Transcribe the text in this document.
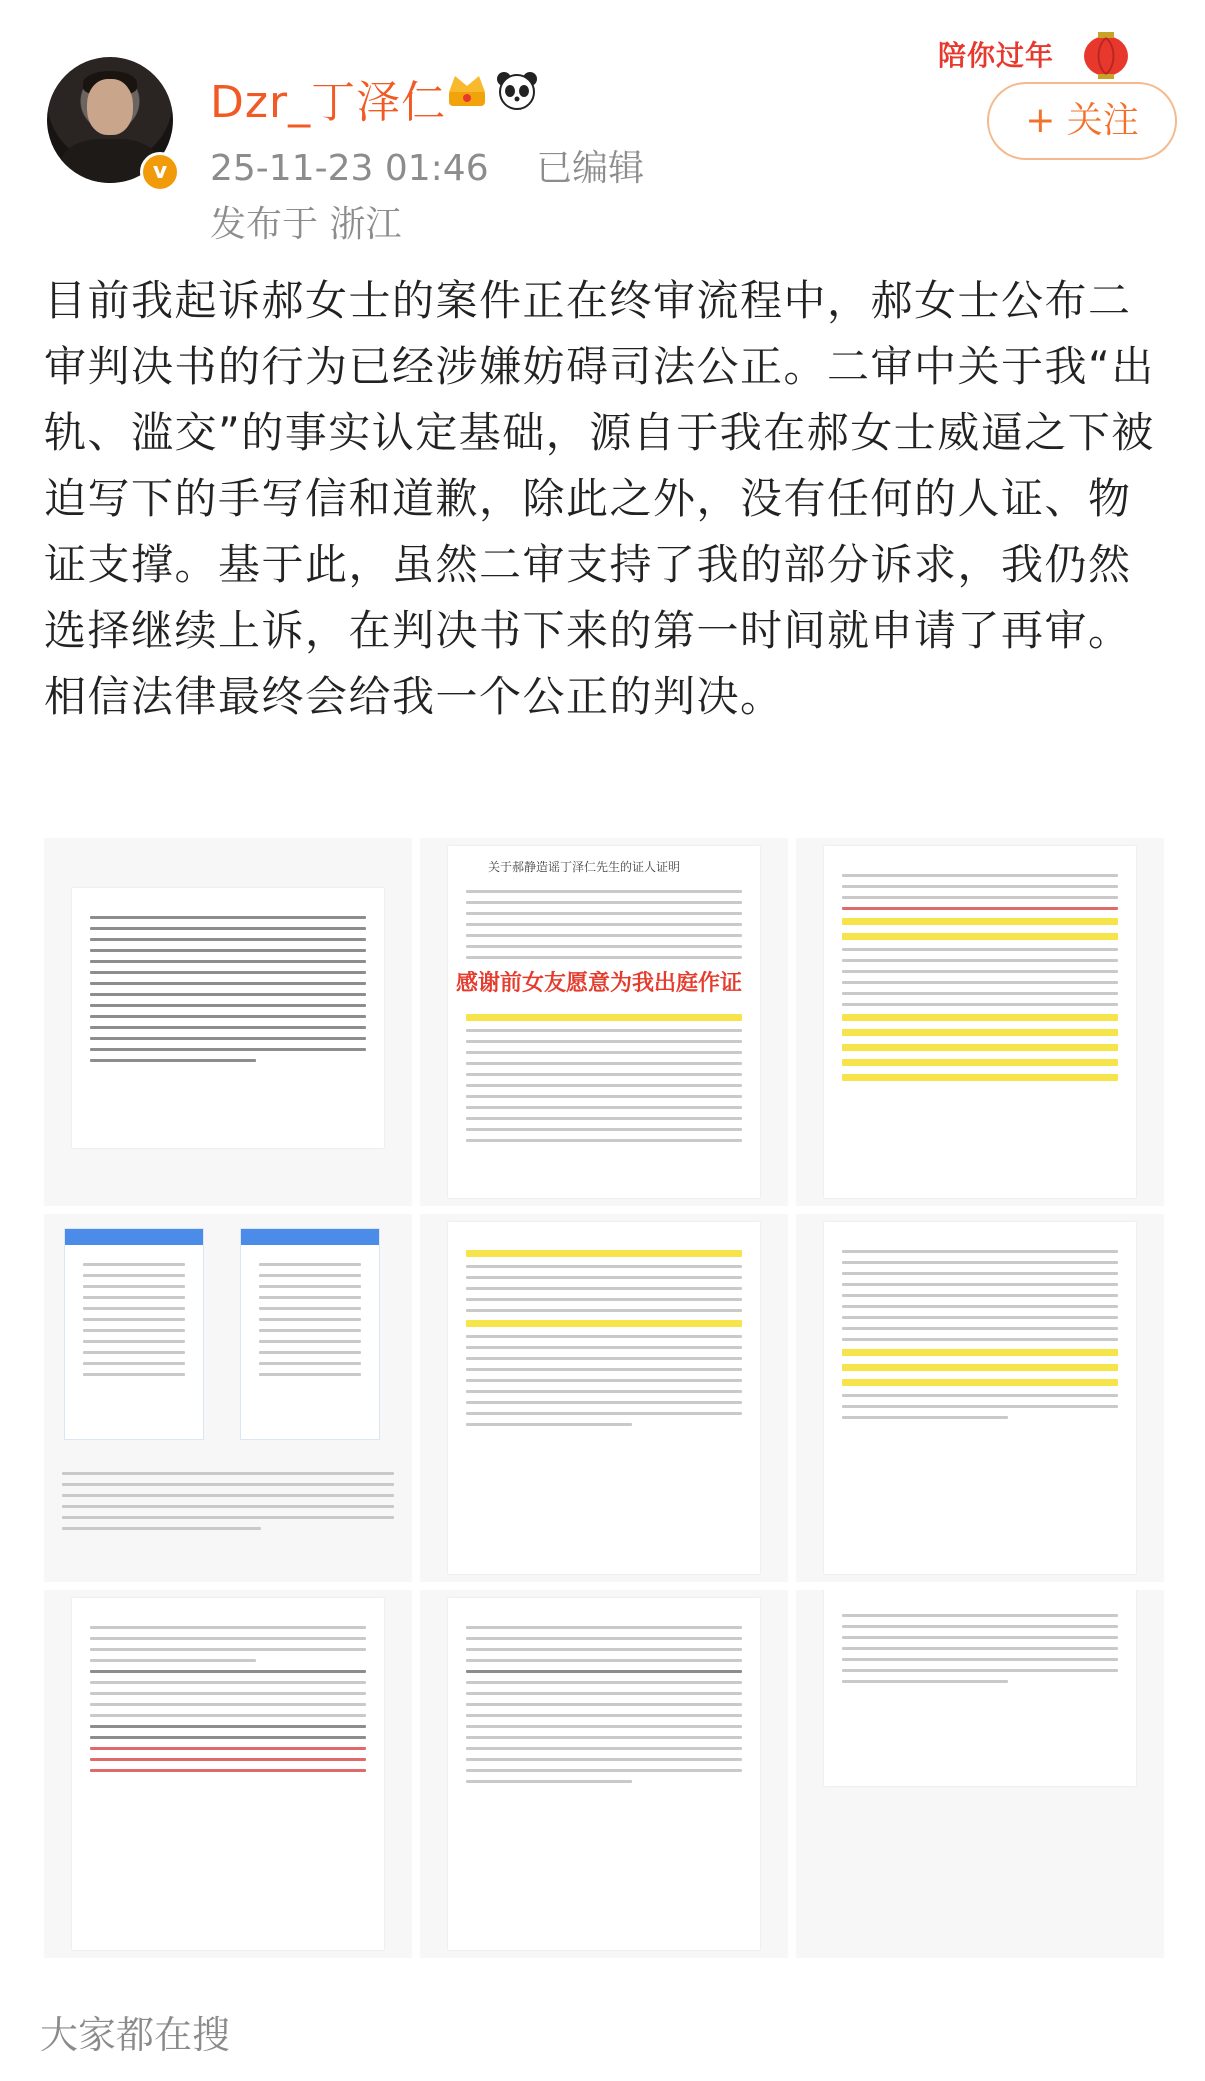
v
Dzr_丁泽仁
25-11-23 01:46 已编辑
发布于 浙江
陪你过年
+ 关注
目前我起诉郝女士的案件正在终审流程中，郝女士公布二审判决书的行为已经涉嫌妨碍司法公正。二审中关于我“出轨、滥交”的事实认定基础，源自于我在郝女士威逼之下被迫写下的手写信和道歉，除此之外，没有任何的人证、物证支撑。基于此，虽然二审支持了我的部分诉求，我仍然选择继续上诉，在判决书下来的第一时间就申请了再审。相信法律最终会给我一个公正的判决。
关于郝静造谣丁泽仁先生的证人证明
感谢前女友愿意为我出庭作证
大家都在搜
